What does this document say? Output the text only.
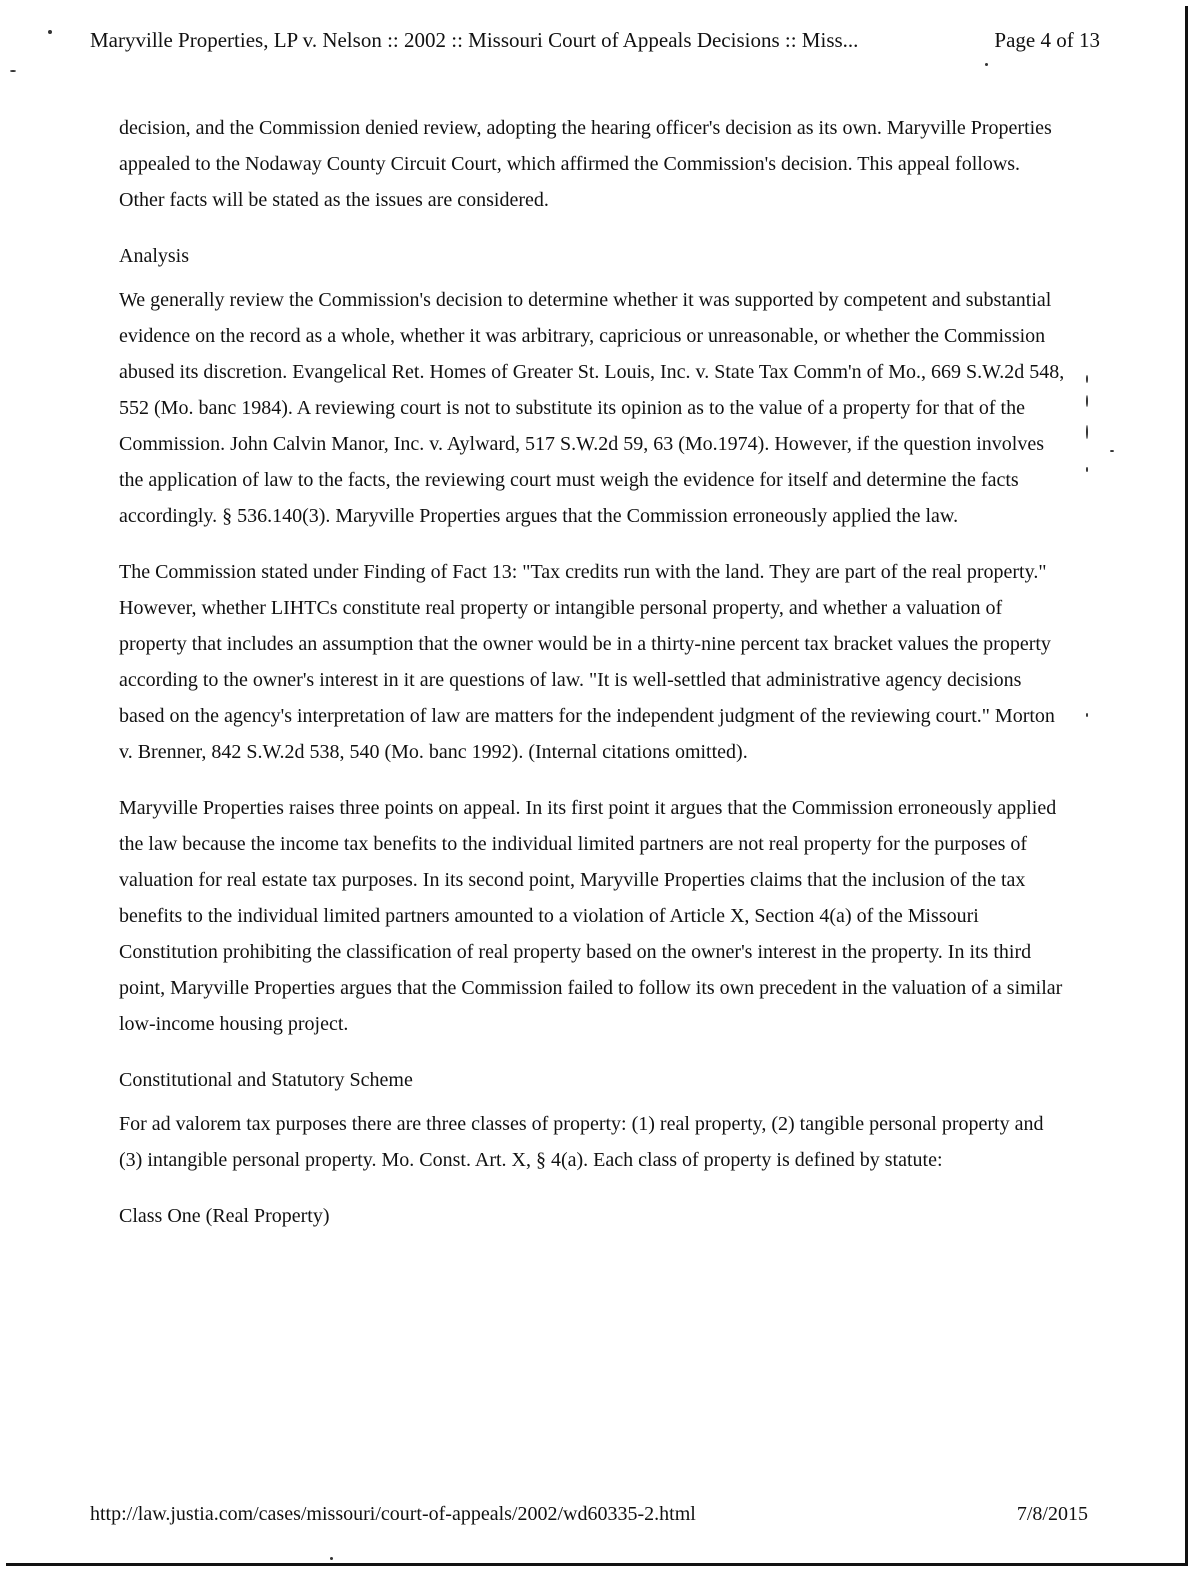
Maryville Properties, LP v. Nelson :: 2002 :: Missouri Court of Appeals Decisions :: Miss...	Page 4 of 13

decision, and the Commission denied review, adopting the hearing officer's decision as its own. Maryville Properties appealed to the Nodaway County Circuit Court, which affirmed the Commission's decision. This appeal follows. Other facts will be stated as the issues are considered.

Analysis

We generally review the Commission's decision to determine whether it was supported by competent and substantial evidence on the record as a whole, whether it was arbitrary, capricious or unreasonable, or whether the Commission abused its discretion. Evangelical Ret. Homes of Greater St. Louis, Inc. v. State Tax Comm'n of Mo., 669 S.W.2d 548, 552 (Mo. banc 1984). A reviewing court is not to substitute its opinion as to the value of a property for that of the Commission. John Calvin Manor, Inc. v. Aylward, 517 S.W.2d 59, 63 (Mo.1974). However, if the question involves the application of law to the facts, the reviewing court must weigh the evidence for itself and determine the facts accordingly. § 536.140(3). Maryville Properties argues that the Commission erroneously applied the law.

The Commission stated under Finding of Fact 13: "Tax credits run with the land. They are part of the real property." However, whether LIHTCs constitute real property or intangible personal property, and whether a valuation of property that includes an assumption that the owner would be in a thirty-nine percent tax bracket values the property according to the owner's interest in it are questions of law. "It is well-settled that administrative agency decisions based on the agency's interpretation of law are matters for the independent judgment of the reviewing court." Morton v. Brenner, 842 S.W.2d 538, 540 (Mo. banc 1992). (Internal citations omitted).

Maryville Properties raises three points on appeal. In its first point it argues that the Commission erroneously applied the law because the income tax benefits to the individual limited partners are not real property for the purposes of valuation for real estate tax purposes. In its second point, Maryville Properties claims that the inclusion of the tax benefits to the individual limited partners amounted to a violation of Article X, Section 4(a) of the Missouri Constitution prohibiting the classification of real property based on the owner's interest in the property. In its third point, Maryville Properties argues that the Commission failed to follow its own precedent in the valuation of a similar low-income housing project.

Constitutional and Statutory Scheme

For ad valorem tax purposes there are three classes of property: (1) real property, (2) tangible personal property and (3) intangible personal property. Mo. Const. Art. X, § 4(a). Each class of property is defined by statute:

Class One (Real Property)
http://law.justia.com/cases/missouri/court-of-appeals/2002/wd60335-2.html	7/8/2015
